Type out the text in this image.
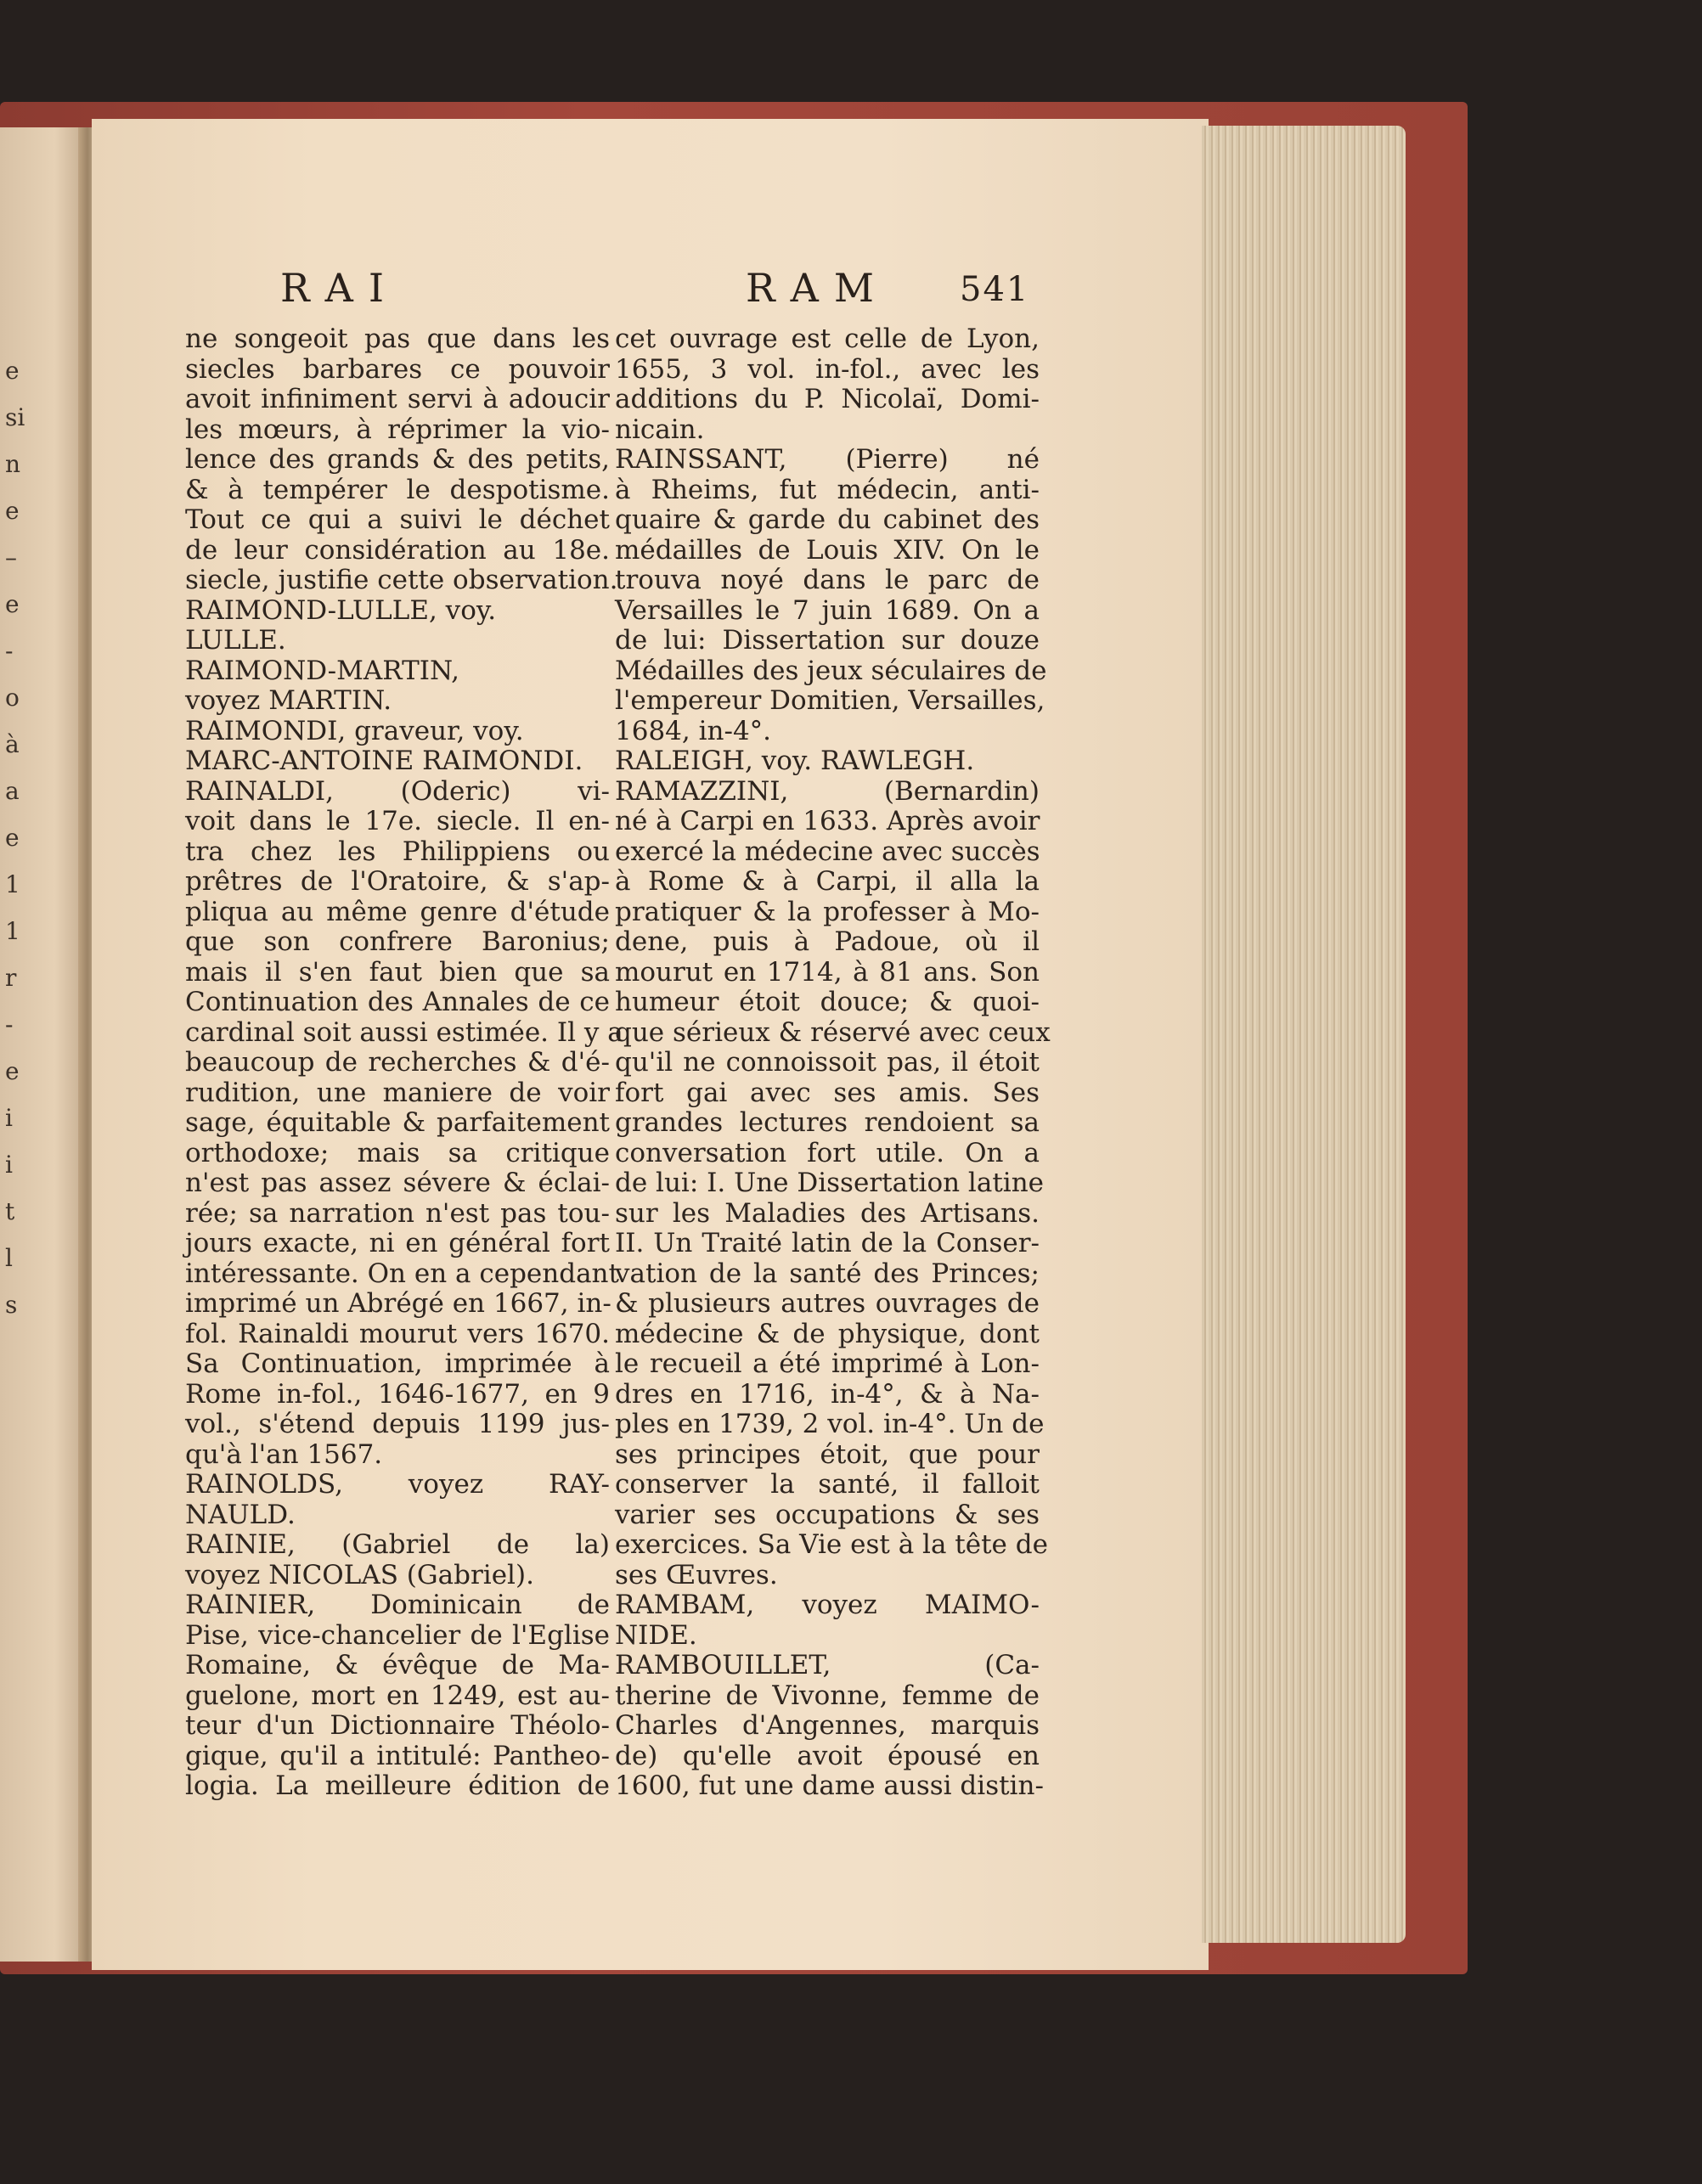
e
si
n
e
–
e
-
o
à
a
e
1
1
r
-
e
i
i
t
l
s
RAI	RAM 541
ne songeoit pas que dans les
siecles barbares ce pouvoir
avoit infiniment servi à adoucir
les mœurs, à réprimer la vio-
lence des grands & des petits,
& à tempérer le despotisme.
Tout ce qui a suivi le déchet
de leur considération au 18e.
siecle, justifie cette observation.
RAIMOND-LULLE, voy.
LULLE.
RAIMOND-MARTIN,
voyez MARTIN.
RAIMONDI, graveur, voy.
MARC-ANTOINE RAIMONDI.
RAINALDI, (Oderic) vi-
voit dans le 17e. siecle. Il en-
tra chez les Philippiens ou
prêtres de l'Oratoire, & s'ap-
pliqua au même genre d'étude
que son confrere Baronius;
mais il s'en faut bien que sa
Continuation des Annales de ce
cardinal soit aussi estimée. Il y a
beaucoup de recherches & d'é-
rudition, une maniere de voir
sage, équitable & parfaitement
orthodoxe; mais sa critique
n'est pas assez sévere & éclai-
rée; sa narration n'est pas tou-
jours exacte, ni en général fort
intéressante. On en a cependant
imprimé un Abrégé en 1667, in-
fol. Rainaldi mourut vers 1670.
Sa Continuation, imprimée à
Rome in-fol., 1646-1677, en 9
vol., s'étend depuis 1199 jus-
qu'à l'an 1567.
RAINOLDS, voyez RAY-
NAULD.
RAINIE, (Gabriel de la)
voyez NICOLAS (Gabriel).
RAINIER, Dominicain de
Pise, vice-chancelier de l'Eglise
Romaine, & évêque de Ma-
guelone, mort en 1249, est au-
teur d'un Dictionnaire Théolo-
gique, qu'il a intitulé: Pantheo-
logia. La meilleure édition de
cet ouvrage est celle de Lyon,
1655, 3 vol. in-fol., avec les
additions du P. Nicolaï, Domi-
nicain.
RAINSSANT, (Pierre) né
à Rheims, fut médecin, anti-
quaire & garde du cabinet des
médailles de Louis XIV. On le
trouva noyé dans le parc de
Versailles le 7 juin 1689. On a
de lui: Dissertation sur douze
Médailles des jeux séculaires de
l'empereur Domitien, Versailles,
1684, in-4°.
RALEIGH, voy. RAWLEGH.
RAMAZZINI, (Bernardin)
né à Carpi en 1633. Après avoir
exercé la médecine avec succès
à Rome & à Carpi, il alla la
pratiquer & la professer à Mo-
dene, puis à Padoue, où il
mourut en 1714, à 81 ans. Son
humeur étoit douce; & quoi-
que sérieux & réservé avec ceux
qu'il ne connoissoit pas, il étoit
fort gai avec ses amis. Ses
grandes lectures rendoient sa
conversation fort utile. On a
de lui: I. Une Dissertation latine
sur les Maladies des Artisans.
II. Un Traité latin de la Conser-
vation de la santé des Princes;
& plusieurs autres ouvrages de
médecine & de physique, dont
le recueil a été imprimé à Lon-
dres en 1716, in-4°, & à Na-
ples en 1739, 2 vol. in-4°. Un de
ses principes étoit, que pour
conserver la santé, il falloit
varier ses occupations & ses
exercices. Sa Vie est à la tête de
ses Œuvres.
RAMBAM, voyez MAIMO-
NIDE.
RAMBOUILLET, (Ca-
therine de Vivonne, femme de
Charles d'Angennes, marquis
de) qu'elle avoit épousé en
1600, fut une dame aussi distin-
